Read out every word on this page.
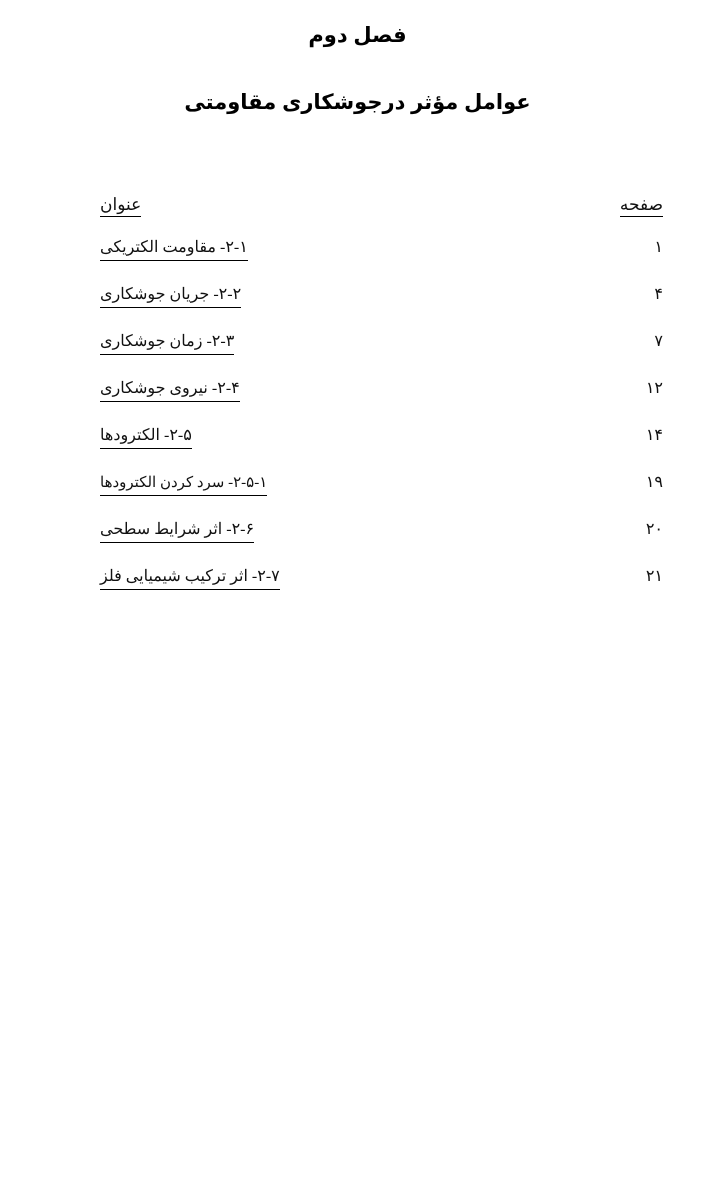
فصل دوم
عوامل مؤثر درجوشکاری مقاومتی
صفحه
عنوان
۱
۲-۱- مقاومت الکتریکی
۴
۲-۲- جریان جوشکاری
۷
۲-۳- زمان جوشکاری
۱۲
۲-۴- نیروی جوشکاری
۱۴
۲-۵- الکترودها
۱۹
۲-۵-۱- سرد کردن الکترودها
۲۰
۲-۶- اثر شرایط سطحی
۲۱
۲-۷- اثر ترکیب شیمیایی فلز
